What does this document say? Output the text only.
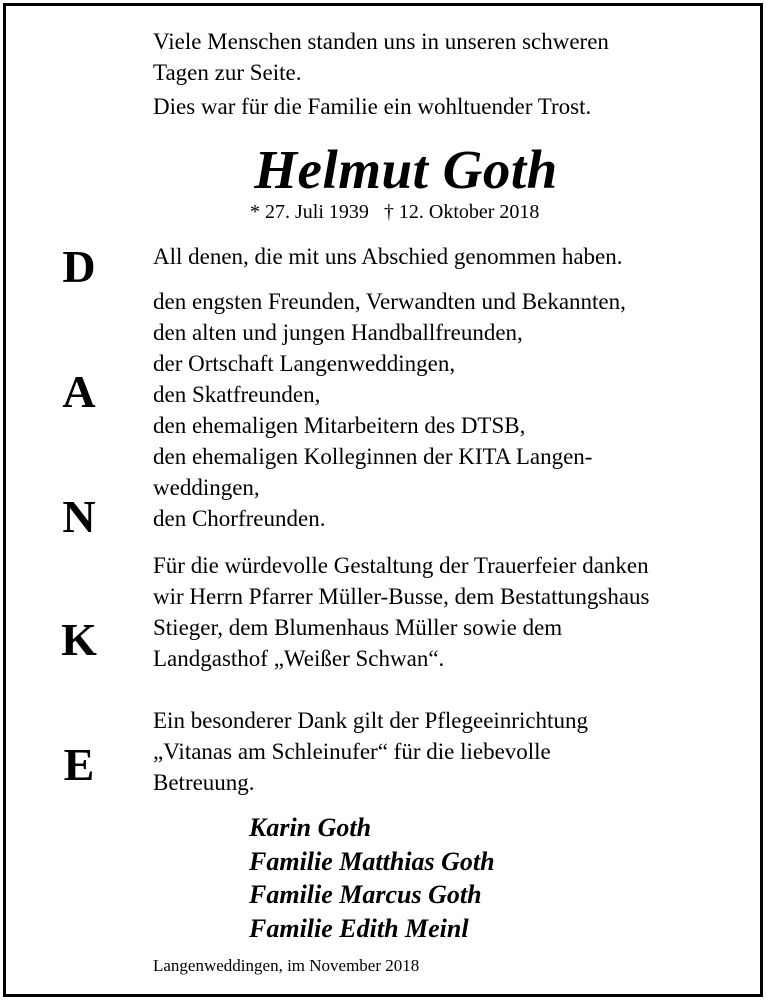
Viele Menschen standen uns in unseren schweren
Tagen zur Seite.
Dies war für die Familie ein wohltuender Trost.
Helmut Goth
* 27. Juli 1939   † 12. Oktober 2018
D
A
N
K
E
All denen, die mit uns Abschied genommen haben.
den engsten Freunden, Verwandten und Bekannten,
den alten und jungen Handballfreunden,
der Ortschaft Langenweddingen,
den Skatfreunden,
den ehemaligen Mitarbeitern des DTSB,
den ehemaligen Kolleginnen der KITA Langen-
weddingen,
den Chorfreunden.
Für die würdevolle Gestaltung der Trauerfeier danken
wir Herrn Pfarrer Müller-Busse, dem Bestattungshaus
Stieger, dem Blumenhaus Müller sowie dem
Landgasthof „Weißer Schwan“.
Ein besonderer Dank gilt der Pflegeeinrichtung
„Vitanas am Schleinufer“ für die liebevolle
Betreuung.
Karin Goth
Familie Matthias Goth
Familie Marcus Goth
Familie Edith Meinl
Langenweddingen, im November 2018
